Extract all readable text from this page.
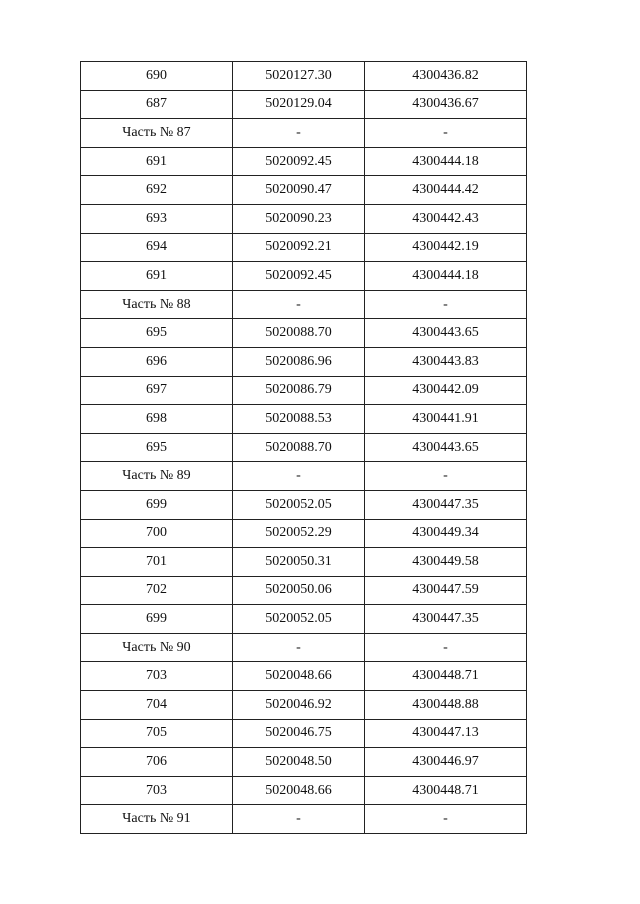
690	5020127.30	4300436.82
687	5020129.04	4300436.67
Часть № 87	-	-
691	5020092.45	4300444.18
692	5020090.47	4300444.42
693	5020090.23	4300442.43
694	5020092.21	4300442.19
691	5020092.45	4300444.18
Часть № 88	-	-
695	5020088.70	4300443.65
696	5020086.96	4300443.83
697	5020086.79	4300442.09
698	5020088.53	4300441.91
695	5020088.70	4300443.65
Часть № 89	-	-
699	5020052.05	4300447.35
700	5020052.29	4300449.34
701	5020050.31	4300449.58
702	5020050.06	4300447.59
699	5020052.05	4300447.35
Часть № 90	-	-
703	5020048.66	4300448.71
704	5020046.92	4300448.88
705	5020046.75	4300447.13
706	5020048.50	4300446.97
703	5020048.66	4300448.71
Часть № 91	-	-
